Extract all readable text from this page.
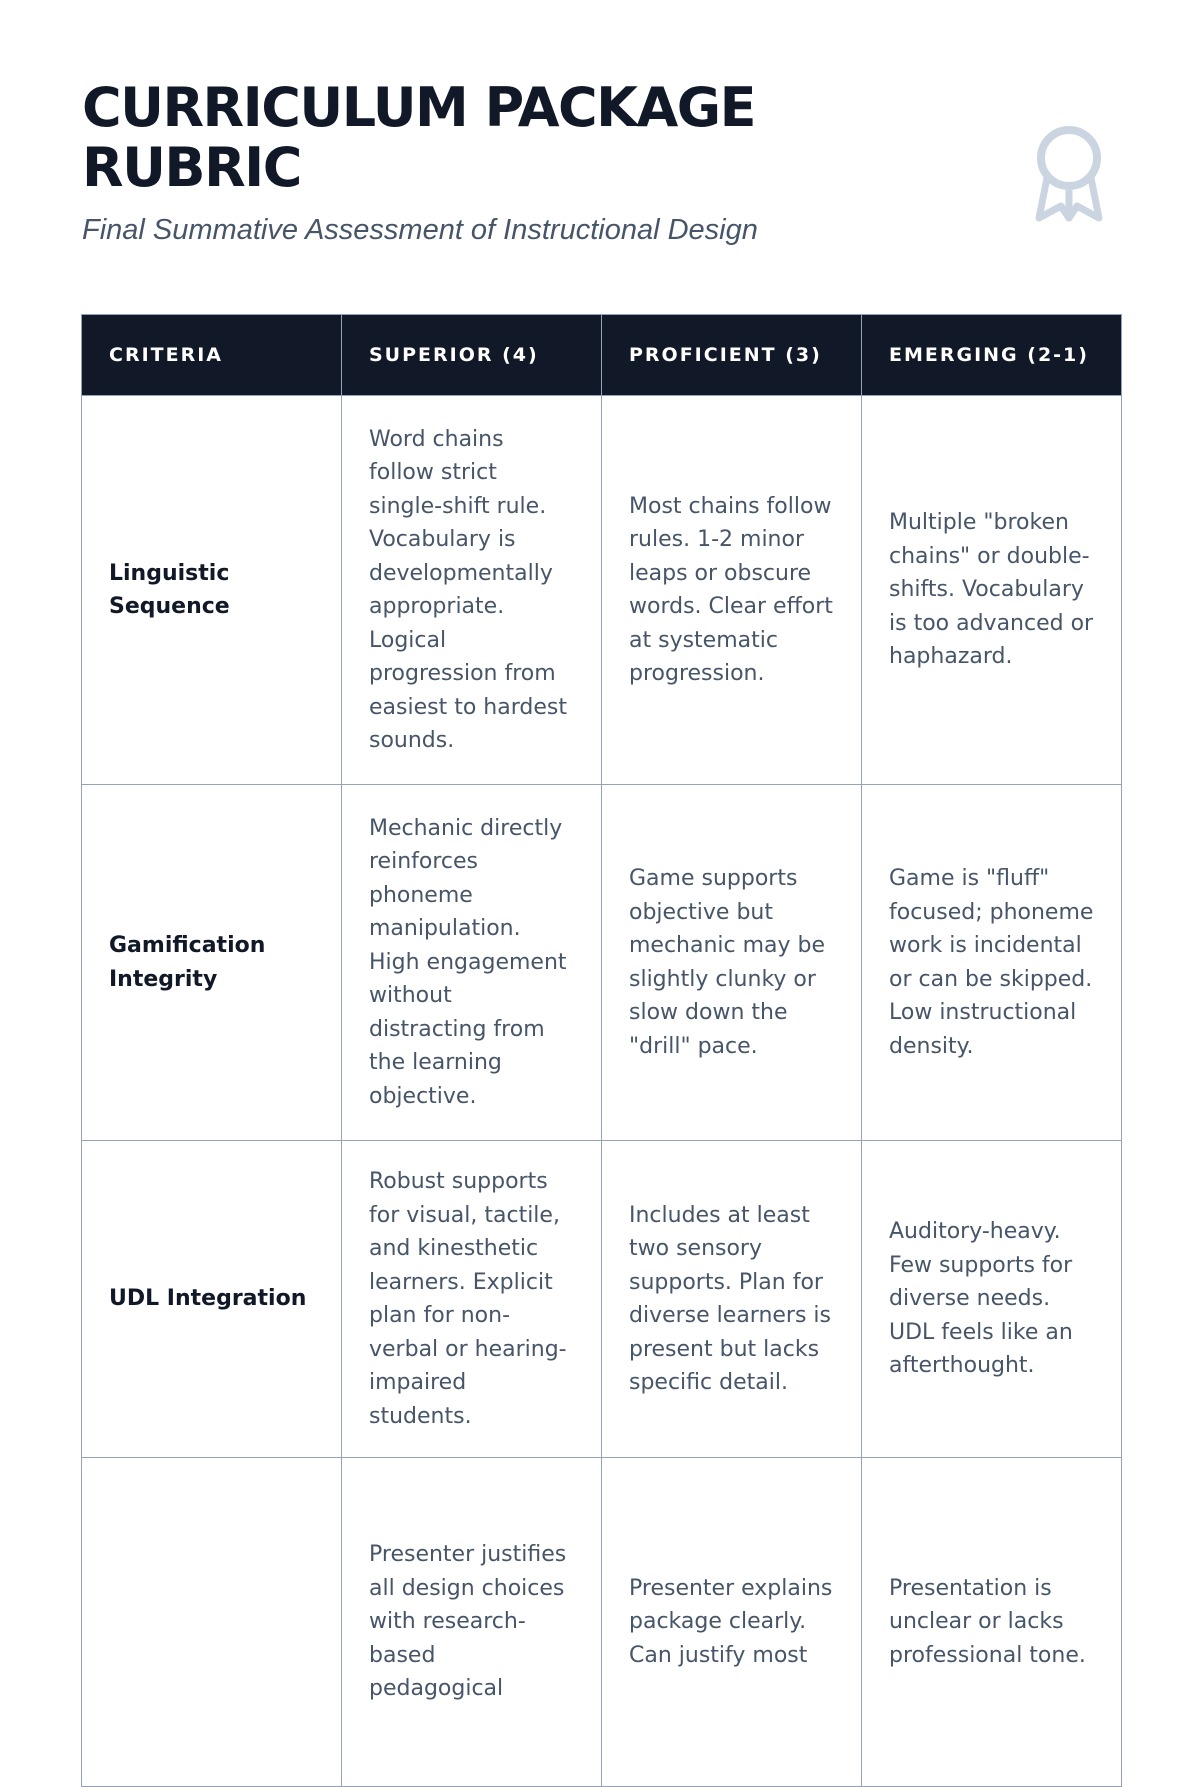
CURRICULUM PACKAGE RUBRIC
Final Summative Assessment of Instructional Design
CRITERIA	SUPERIOR (4)	PROFICIENT (3)	EMERGING (2-1)
Linguistic Sequence	Word chains follow strict single-shift rule. Vocabulary is developmentally appropriate. Logical progression from easiest to hardest sounds.	Most chains follow rules. 1-2 minor leaps or obscure words. Clear effort at systematic progression.	Multiple "broken chains" or double-shifts. Vocabulary is too advanced or haphazard.
Gamification Integrity	Mechanic directly reinforces phoneme manipulation. High engagement without distracting from the learning objective.	Game supports objective but mechanic may be slightly clunky or slow down the "drill" pace.	Game is "fluff" focused; phoneme work is incidental or can be skipped. Low instructional density.
UDL Integration	Robust supports for visual, tactile, and kinesthetic learners. Explicit plan for non-verbal or hearing-impaired students.	Includes at least two sensory supports. Plan for diverse learners is present but lacks specific detail.	Auditory-heavy. Few supports for diverse needs. UDL feels like an afterthought.
	Presenter justifies all design choices with research-based pedagogical	Presenter explains package clearly. Can justify most	Presentation is unclear or lacks professional tone.
